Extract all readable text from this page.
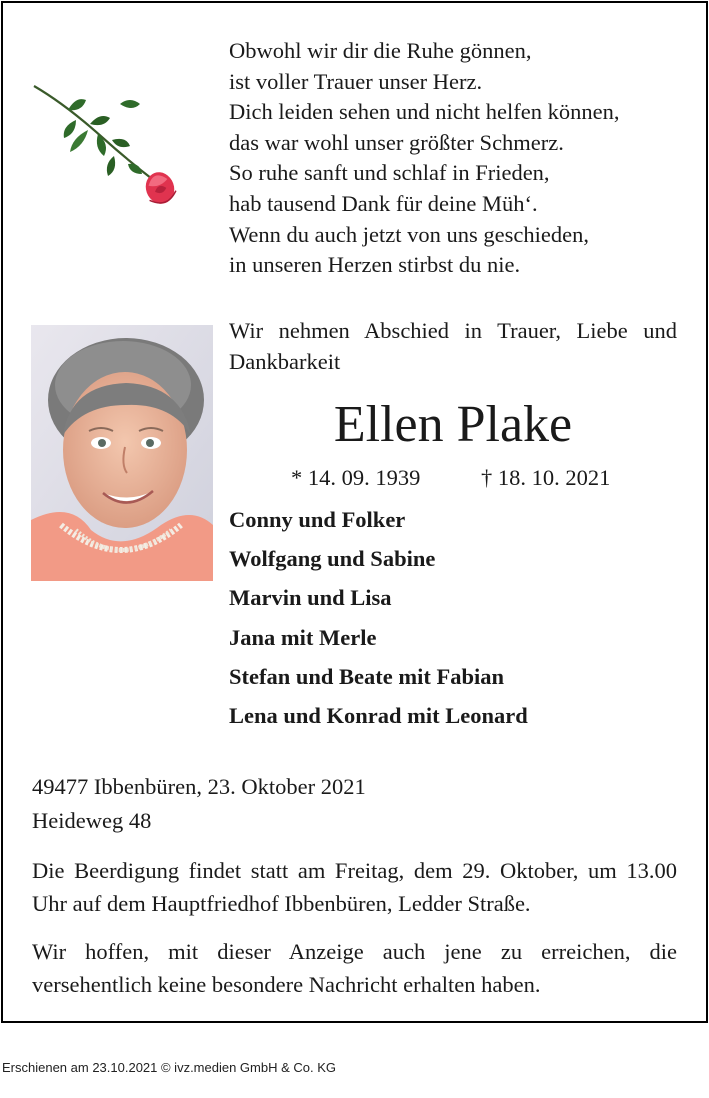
Obwohl wir dir die Ruhe gönnen,
ist voller Trauer unser Herz.
Dich leiden sehen und nicht helfen können,
das war wohl unser größter Schmerz.
So ruhe sanft und schlaf in Frieden,
hab tausend Dank für deine Müh‘.
Wenn du auch jetzt von uns geschieden,
in unseren Herzen stirbst du nie.
Wir nehmen Abschied in Trauer, Liebe und Dankbarkeit
Ellen Plake
* 14. 09. 1939	† 18. 10. 2021
Conny und Folker
Wolfgang und Sabine
Marvin und Lisa
Jana mit Merle
Stefan und Beate mit Fabian
Lena und Konrad mit Leonard
49477 Ibbenbüren, 23. Oktober 2021
Heideweg 48
Die Beerdigung findet statt am Freitag, dem 29. Oktober, um 13.00 Uhr auf dem Hauptfriedhof Ibbenbüren, Ledder Straße.
Wir hoffen, mit dieser Anzeige auch jene zu erreichen, die versehentlich keine besondere Nachricht erhalten haben.
Erschienen am 23.10.2021 © ivz.medien GmbH & Co. KG
